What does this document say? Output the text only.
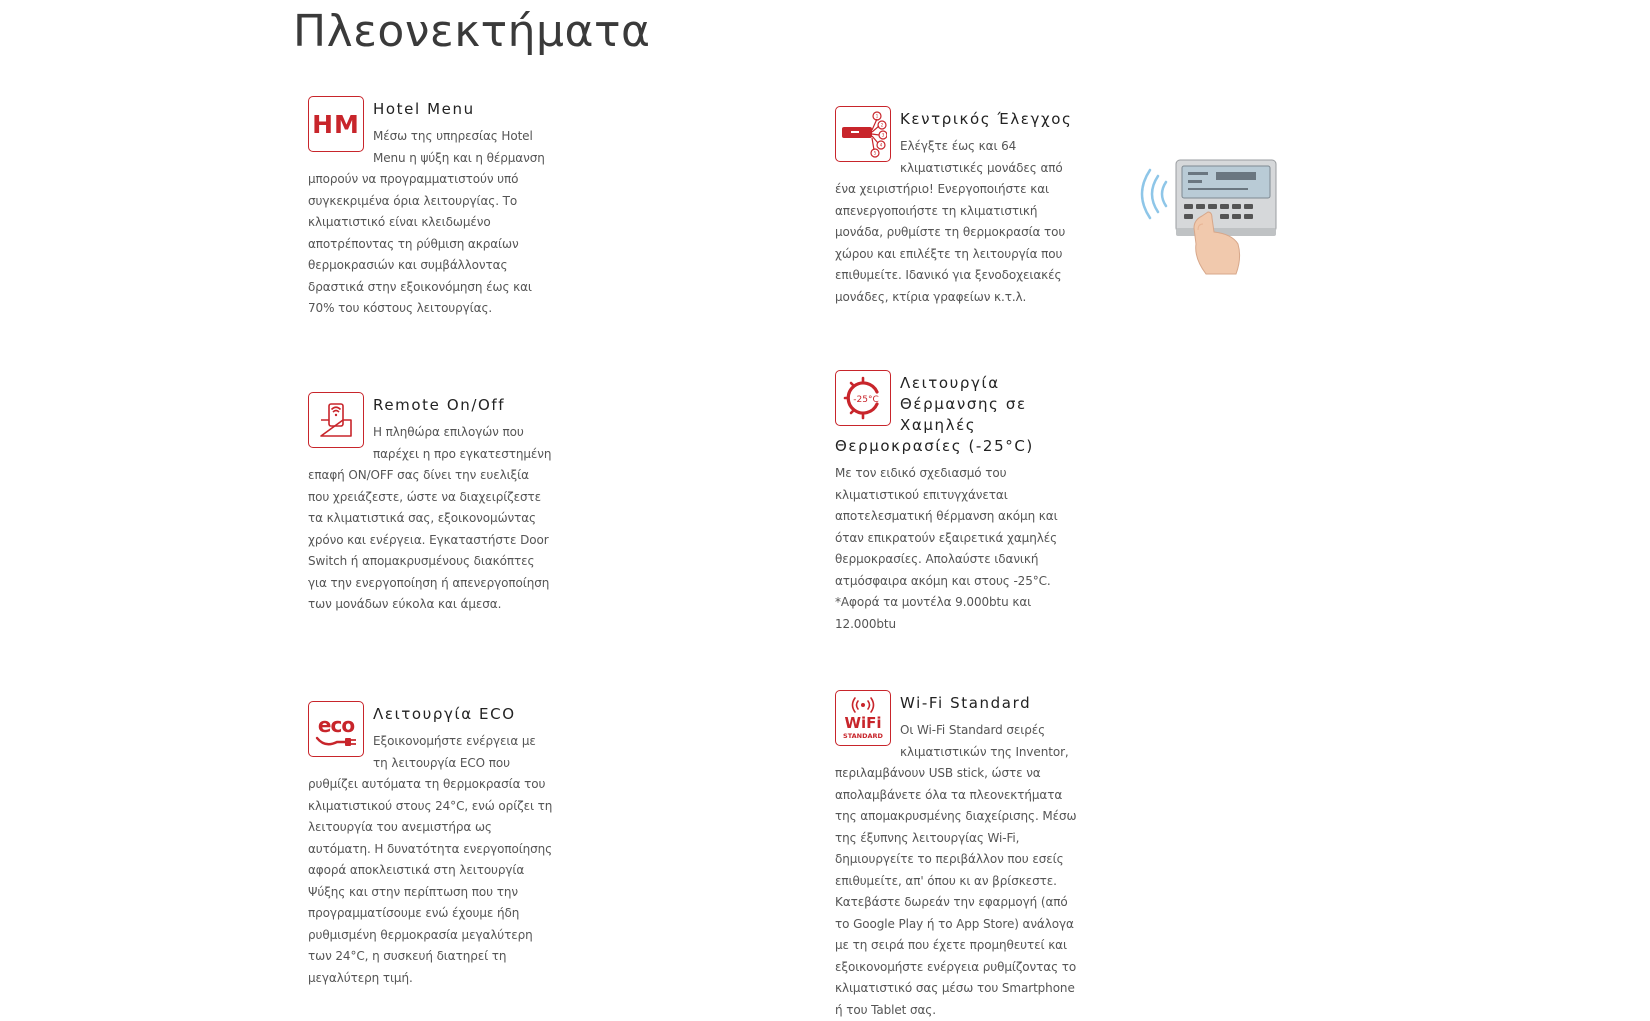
Πλεονεκτήματα
HM
Hotel Menu

Μέσω της υπηρεσίας Hotel Menu η ψύξη και η θέρμανση μπορούν να προγραμματιστούν υπό συγκεκριμένα όρια λειτουργίας. Το κλιματιστικό είναι κλειδωμένο αποτρέποντας τη ρύθμιση ακραίων θερμοκρασιών και συμβάλλοντας δραστικά στην εξοικονόμηση έως και 70% του κόστους λειτουργίας.

1
2
3
4
5
Κεντρικός Έλεγχος

Ελέγξτε έως και 64 κλιματιστικές μονάδες από ένα χειριστήριο! Ενεργοποιήστε και απενεργοποιήστε τη κλιματιστική μονάδα, ρυθμίστε τη θερμοκρασία του χώρου και επιλέξτε τη λειτουργία που επιθυμείτε. Ιδανικό για ξενοδοχειακές μονάδες, κτίρια γραφείων κ.τ.λ.

Remote On/Off

Η πληθώρα επιλογών που παρέχει η προ εγκατεστημένη επαφή ON/OFF σας δίνει την ευελιξία που χρειάζεστε, ώστε να διαχειρίζεστε τα κλιματιστικά σας, εξοικονομώντας χρόνο και ενέργεια. Εγκαταστήστε Door Switch ή απομακρυσμένους διακόπτες για την ενεργοποίηση ή απενεργοποίηση των μονάδων εύκολα και άμεσα.

-25°C
Λειτουργία Θέρμανσης σε Χαμηλές Θερμοκρασίες (-25°C)

Με τον ειδικό σχεδιασμό του κλιματιστικού επιτυγχάνεται αποτελεσματική θέρμανση ακόμη και όταν επικρατούν εξαιρετικά χαμηλές θερμοκρασίες. Απολαύστε ιδανική ατμόσφαιρα ακόμη και στους -25°C. *Αφορά τα μοντέλα 9.000btu και 12.000btu

eco	Λειτουργία ECO

Εξοικονομήστε ενέργεια με τη λειτουργία ECO που ρυθμίζει αυτόματα τη θερμοκρασία του κλιματιστικού στους 24°C, ενώ ορίζει τη λειτουργία του ανεμιστήρα ως αυτόματη. Η δυνατότητα ενεργοποίησης αφορά αποκλειστικά στη λειτουργία Ψύξης και στην περίπτωση που την προγραμματίσουμε ενώ έχουμε ήδη ρυθμισμένη θερμοκρασία μεγαλύτερη των 24°C, η συσκευή διατηρεί τη μεγαλύτερη τιμή.

WiFi
STANDARD
Wi-Fi Standard

Οι Wi-Fi Standard σειρές κλιματιστικών της Inventor, περιλαμβάνουν USB stick, ώστε να απολαμβάνετε όλα τα πλεονεκτήματα της απομακρυσμένης διαχείρισης. Μέσω της έξυπνης λειτουργίας Wi-Fi, δημιουργείτε το περιβάλλον που εσείς επιθυμείτε, απ' όπου κι αν βρίσκεστε. Κατεβάστε δωρεάν την εφαρμογή (από το Google Play ή το App Store) ανάλογα με τη σειρά που έχετε προμηθευτεί και εξοικονομήστε ενέργεια ρυθμίζοντας το κλιματιστικό σας μέσω του Smartphone ή του Tablet σας.
